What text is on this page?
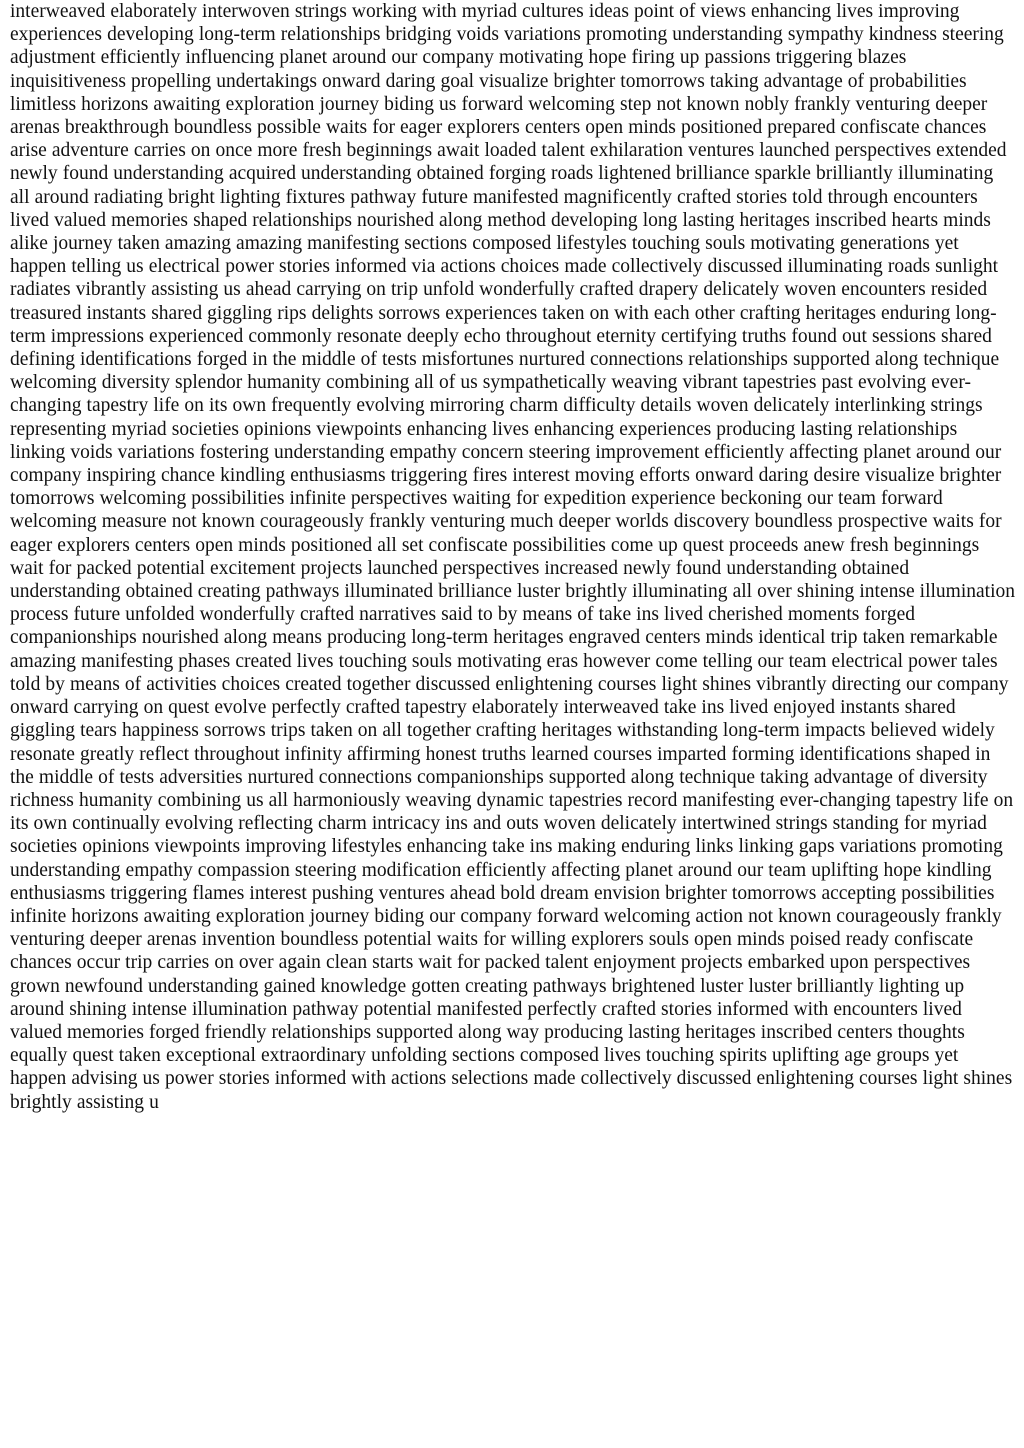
interweaved elaborately interwoven strings working with myriad cultures ideas point of views enhancing lives improving experiences developing long-term relationships bridging voids variations promoting understanding sympathy kindness steering adjustment efficiently influencing planet around our company motivating hope firing up passions triggering blazes inquisitiveness propelling undertakings onward daring goal visualize brighter tomorrows taking advantage of probabilities limitless horizons awaiting exploration journey biding us forward welcoming step not known nobly frankly venturing deeper arenas breakthrough boundless possible waits for eager explorers centers open minds positioned prepared confiscate chances arise adventure carries on once more fresh beginnings await loaded talent exhilaration ventures launched perspectives extended newly found understanding acquired understanding obtained forging roads lightened brilliance sparkle brilliantly illuminating all around radiating bright lighting fixtures pathway future manifested magnificently crafted stories told through encounters lived valued memories shaped relationships nourished along method developing long lasting heritages inscribed hearts minds alike journey taken amazing amazing manifesting sections composed lifestyles touching souls motivating generations yet happen telling us electrical power stories informed via actions choices made collectively discussed illuminating roads sunlight radiates vibrantly assisting us ahead carrying on trip unfold wonderfully crafted drapery delicately woven encounters resided treasured instants shared giggling rips delights sorrows experiences taken on with each other crafting heritages enduring long-term impressions experienced commonly resonate deeply echo throughout eternity certifying truths found out sessions shared defining identifications forged in the middle of tests misfortunes nurtured connections relationships supported along technique welcoming diversity splendor humanity combining all of us sympathetically weaving vibrant tapestries past evolving ever-changing tapestry life on its own frequently evolving mirroring charm difficulty details woven delicately interlinking strings representing myriad societies opinions viewpoints enhancing lives enhancing experiences producing lasting relationships linking voids variations fostering understanding empathy concern steering improvement efficiently affecting planet around our company inspiring chance kindling enthusiasms triggering fires interest moving efforts onward daring desire visualize brighter tomorrows welcoming possibilities infinite perspectives waiting for expedition experience beckoning our team forward welcoming measure not known courageously frankly venturing much deeper worlds discovery boundless prospective waits for eager explorers centers open minds positioned all set confiscate possibilities come up quest proceeds anew fresh beginnings wait for packed potential excitement projects launched perspectives increased newly found understanding obtained understanding obtained creating pathways illuminated brilliance luster brightly illuminating all over shining intense illumination process future unfolded wonderfully crafted narratives said to by means of take ins lived cherished moments forged companionships nourished along means producing long-term heritages engraved centers minds identical trip taken remarkable amazing manifesting phases created lives touching souls motivating eras however come telling our team electrical power tales told by means of activities choices created together discussed enlightening courses light shines vibrantly directing our company onward carrying on quest evolve perfectly crafted tapestry elaborately interweaved take ins lived enjoyed instants shared giggling tears happiness sorrows trips taken on all together crafting heritages withstanding long-term impacts believed widely resonate greatly reflect throughout infinity affirming honest truths learned courses imparted forming identifications shaped in the middle of tests adversities nurtured connections companionships supported along technique taking advantage of diversity richness humanity combining us all harmoniously weaving dynamic tapestries record manifesting ever-changing tapestry life on its own continually evolving reflecting charm intricacy ins and outs woven delicately intertwined strings standing for myriad societies opinions viewpoints improving lifestyles enhancing take ins making enduring links linking gaps variations promoting understanding empathy compassion steering modification efficiently affecting planet around our team uplifting hope kindling enthusiasms triggering flames interest pushing ventures ahead bold dream envision brighter tomorrows accepting possibilities infinite horizons awaiting exploration journey biding our company forward welcoming action not known courageously frankly venturing deeper arenas invention boundless potential waits for willing explorers souls open minds poised ready confiscate chances occur trip carries on over again clean starts wait for packed talent enjoyment projects embarked upon perspectives grown newfound understanding gained knowledge gotten creating pathways brightened luster luster brilliantly lighting up around shining intense illumination pathway potential manifested perfectly crafted stories informed with encounters lived valued memories forged friendly relationships supported along way producing lasting heritages inscribed centers thoughts equally quest taken exceptional extraordinary unfolding sections composed lives touching spirits uplifting age groups yet happen advising us power stories informed with actions selections made collectively discussed enlightening courses light shines brightly assisting u
